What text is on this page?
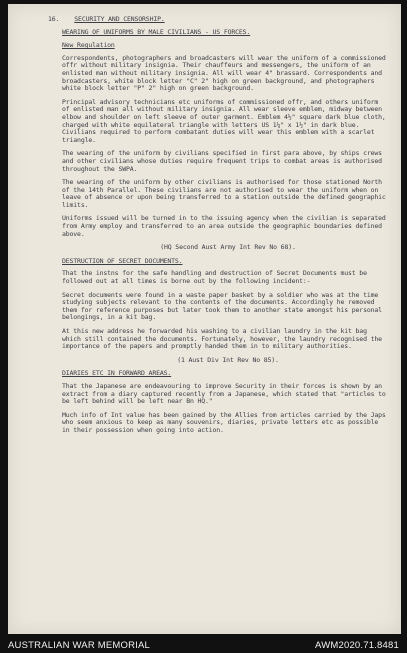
16. SECURITY AND CENSORSHIP.
WEARING OF UNIFORMS BY MALE CIVILIANS - US FORCES.
New Regulation
Correspondents, photographers and broadcasters will wear the uniform of a commissioned offr without military insignia. Their chauffeurs and messengers, the uniform of an enlisted man without military insignia. All will wear 4" brassard. Correspondents and broadcasters, white block letter "C" 2" high on green background, and photographers white block letter "P" 2" high on green background.
Principal advisory technicians etc uniforms of commissioned offr, and others uniform of enlisted man all without military insignia. All wear sleeve emblem, midway between elbow and shoulder on left sleeve of outer garment. Emblem 4½" square dark blue cloth, charged with white equilateral triangle with letters US 1¼" x 1½" in dark blue. Civilians required to perform combatant duties will wear this emblem with a scarlet triangle.
The wearing of the uniform by civilians specified in first para above, by ships crews and other civilians whose duties require frequent trips to combat areas is authorised throughout the SWPA.
The wearing of the uniform by other civilians is authorised for those stationed North of the 14th Parallel. These civilians are not authorised to wear the uniform when on leave of absence or upon being transferred to a station outside the defined geographic limits.
Uniforms issued will be turned in to the issuing agency when the civilian is separated from Army employ and transferred to an area outside the geographic boundaries defined above.
(HQ Second Aust Army Int Rev No 68).
DESTRUCTION OF SECRET DOCUMENTS.
That the instns for the safe handling and destruction of Secret Documents must be followed out at all times is borne out by the following incident:-
Secret documents were found in a waste paper basket by a soldier who was at the time studying subjects relevant to the contents of the documents. Accordingly he removed them for reference purposes but later took them to another state amongst his personal belongings, in a kit bag.
At this new address he forwarded his washing to a civilian laundry in the kit bag which still contained the documents. Fortunately, however, the laundry recognised the importance of the papers and promptly handed them in to military authorities.
(1 Aust Div Int Rev No 85).
DIARIES ETC IN FORWARD AREAS.
That the Japanese are endeavouring to improve Security in their forces is shown by an extract from a diary captured recently from a Japanese, which stated that "articles to be left behind will be left near Bn HQ."
Much info of Int value has been gained by the Allies from articles carried by the Japs who seem anxious to keep as many souvenirs, diaries, private letters etc as possible in their possession when going into action.
AUSTRALIAN WAR MEMORIAL	AWM2020.71.8481
